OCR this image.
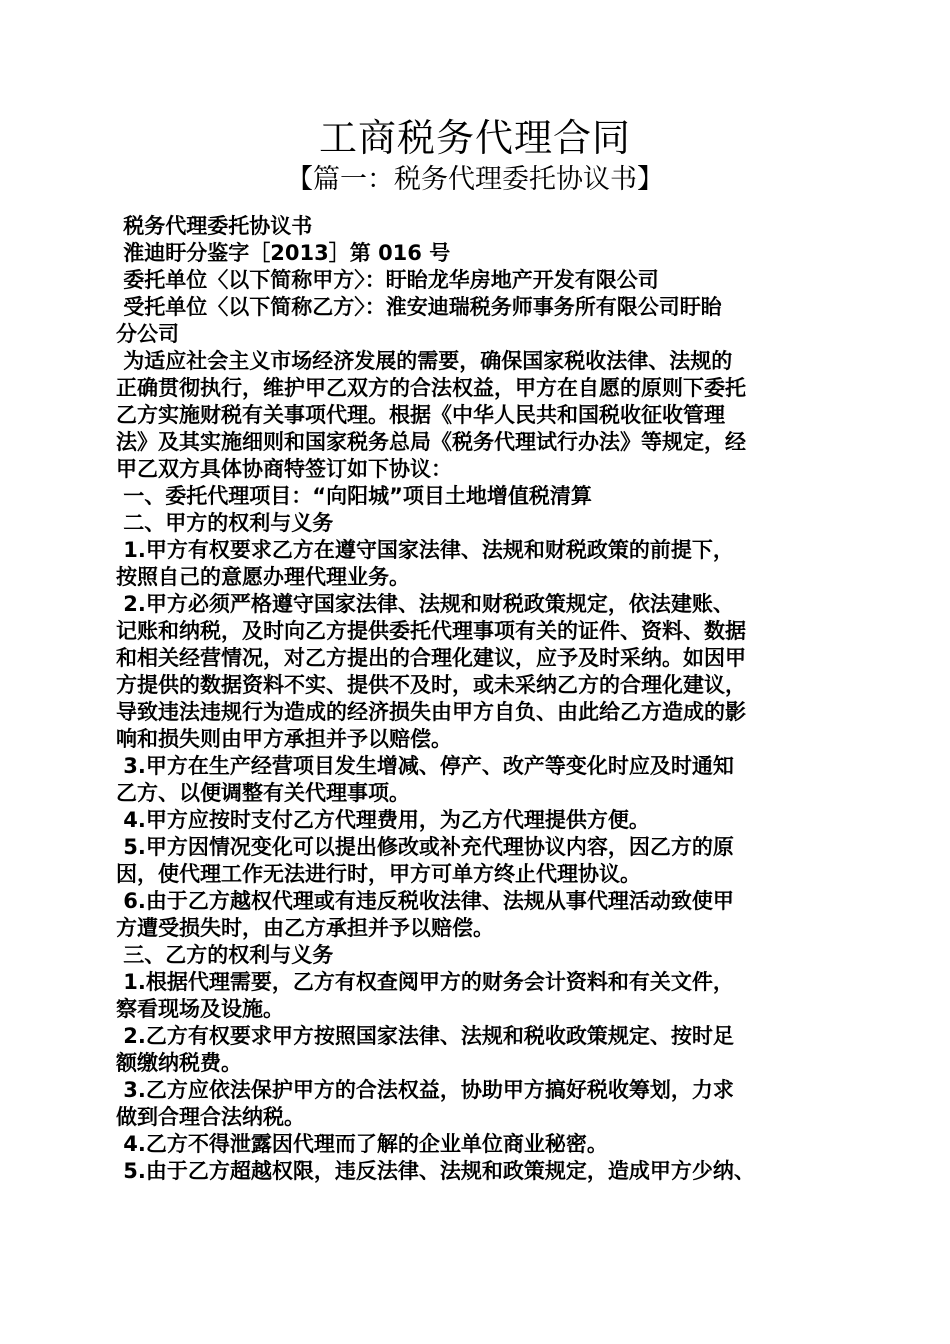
工商税务代理合同
【篇一：税务代理委托协议书】
税务代理委托协议书
淮迪盱分鉴字［2013］第 016 号
委托单位〈以下简称甲方〉：盱眙龙华房地产开发有限公司
受托单位〈以下简称乙方〉：淮安迪瑞税务师事务所有限公司盱眙
分公司
为适应社会主义市场经济发展的需要，确保国家税收法律、法规的
正确贯彻执行，维护甲乙双方的合法权益，甲方在自愿的原则下委托
乙方实施财税有关事项代理。根据《中华人民共和国税收征收管理
法》及其实施细则和国家税务总局《税务代理试行办法》等规定，经
甲乙双方具体协商特签订如下协议：
一、委托代理项目：“向阳城”项目土地增值税清算
二、甲方的权利与义务
1.甲方有权要求乙方在遵守国家法律、法规和财税政策的前提下，
按照自己的意愿办理代理业务。
2.甲方必须严格遵守国家法律、法规和财税政策规定，依法建账、
记账和纳税，及时向乙方提供委托代理事项有关的证件、资料、数据
和相关经营情况，对乙方提出的合理化建议，应予及时采纳。如因甲
方提供的数据资料不实、提供不及时，或未采纳乙方的合理化建议，
导致违法违规行为造成的经济损失由甲方自负、由此给乙方造成的影
响和损失则由甲方承担并予以赔偿。
3.甲方在生产经营项目发生增减、停产、改产等变化时应及时通知
乙方、以便调整有关代理事项。
4.甲方应按时支付乙方代理费用，为乙方代理提供方便。
5.甲方因情况变化可以提出修改或补充代理协议内容，因乙方的原
因，使代理工作无法进行时，甲方可单方终止代理协议。
6.由于乙方越权代理或有违反税收法律、法规从事代理活动致使甲
方遭受损失时，由乙方承担并予以赔偿。
三、乙方的权利与义务
1.根据代理需要，乙方有权查阅甲方的财务会计资料和有关文件，
察看现场及设施。
2.乙方有权要求甲方按照国家法律、法规和税收政策规定、按时足
额缴纳税费。
3.乙方应依法保护甲方的合法权益，协助甲方搞好税收筹划，力求
做到合理合法纳税。
4.乙方不得泄露因代理而了解的企业单位商业秘密。
5.由于乙方超越权限，违反法律、法规和政策规定，造成甲方少纳、
